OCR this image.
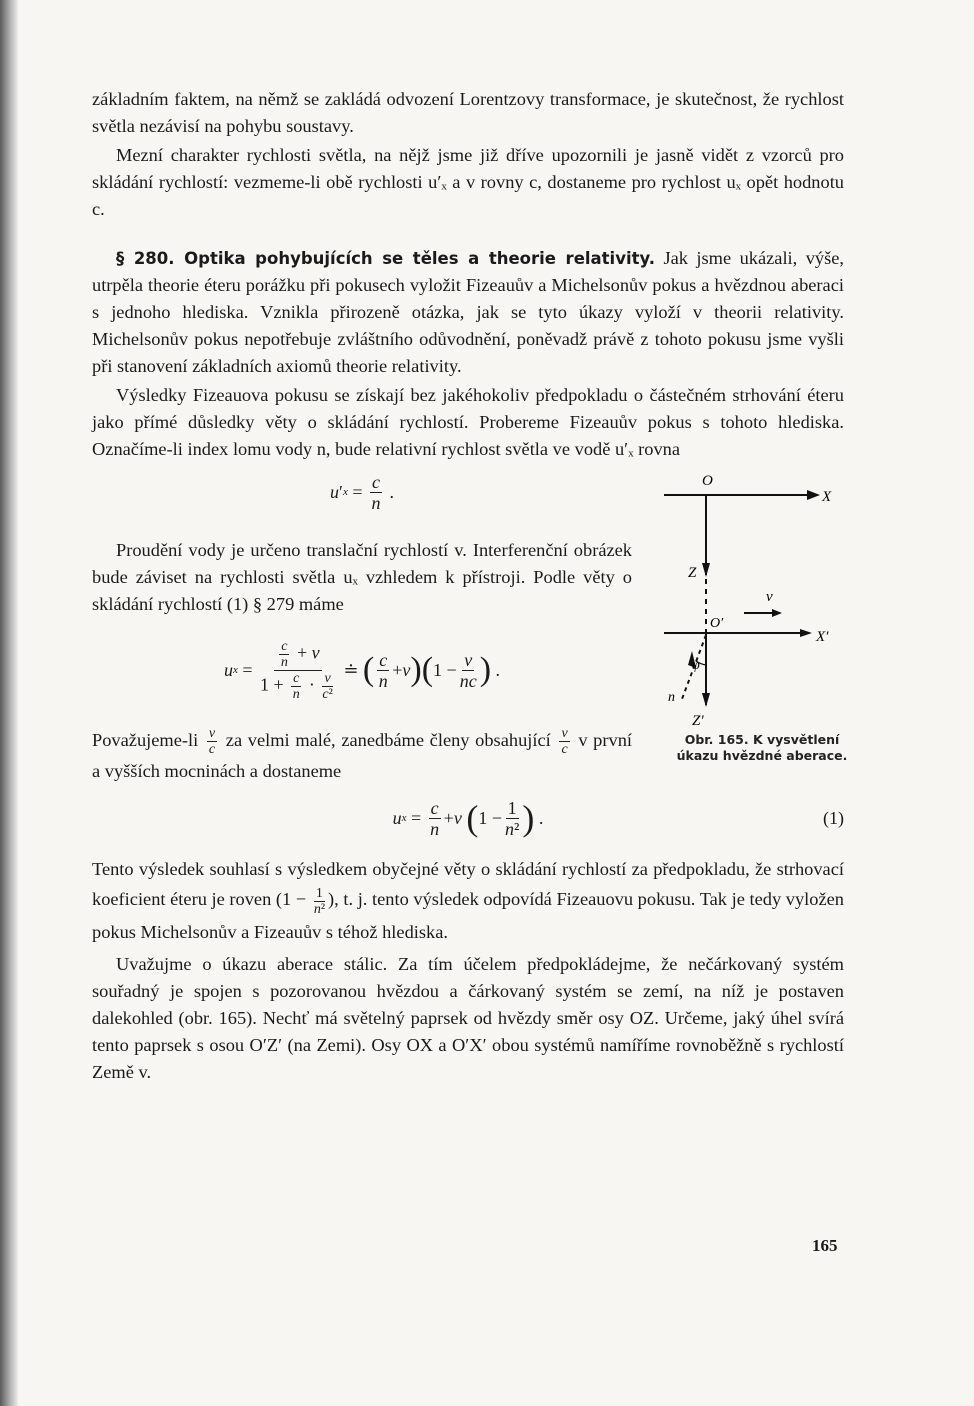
základním faktem, na němž se zakládá odvození Lorentzovy transformace, je skutečnost, že rychlost světla nezávisí na pohybu soustavy.

Mezní charakter rychlosti světla, na nějž jsme již dříve upozornili je jasně vidět z vzorců pro skládání rychlostí: vezmeme-li obě rychlosti u′ₓ a v rovny c, dostaneme pro rychlost uₓ opět hodnotu c.

§ 280. Optika pohybujících se těles a theorie relativity. Jak jsme ukázali, výše, utrpěla theorie éteru porážku při pokusech vyložit Fizeauův a Michelsonův pokus a hvězdnou aberaci s jednoho hlediska. Vznikla přirozeně otázka, jak se tyto úkazy vyloží v theorii relativity. Michelsonův pokus nepotřebuje zvláštního odůvodnění, poněvadž právě z tohoto pokusu jsme vyšli při stanovení základních axiomů theorie relativity.

Výsledky Fizeauova pokusu se získají bez jakéhokoliv předpokladu o částečném strhování éteru jako přímé důsledky věty o skládání rychlostí. Probereme Fizeauův pokus s tohoto hlediska. Označíme-li index lomu vody n, bude relativní rychlost světla ve vodě u′ₓ rovna

u ′ $x = \frac{c}{n}$ .

Proudění vody je určeno translační rychlostí v. Interferenční obrázek bude záviset na rychlosti světla uₓ vzhledem k přístroji. Podle věty o skládání rychlostí (1) § 279 máme

u $x = \frac{\frac{c}{n} + v}{1 + \frac{c}{n} \cdot \frac{v}{\text{c²}}}$ ≐ ( $\frac{c}{n} + v$ ) ( $1 - \frac{v}{nc}$ ) .

Považujeme-li $\frac{v}{c}$ za velmi malé, zanedbáme členy obsahující $\frac{v}{c}$ v první a vyšších mocninách a dostaneme

O
X
Z
v
O′
X′
Z′
φ
n
Obr. 165. K vysvětlení úkazu hvězdné aberace.
u $x = \frac{c}{n} + v$
( $1 - \frac{1}{\text{n²}}$ ) .	(1)

Tento výsledek souhlasí s výsledkem obyčejné věty o skládání rychlostí za předpokladu, že strhovací koeficient éteru je roven ($1 - \frac{1}{\text{n²}}$ ), t. j. tento výsledek odpovídá Fizeauovu pokusu. Tak je tedy vyložen pokus Michelsonův a Fizeauův s téhož hlediska.

Uvažujme o úkazu aberace stálic. Za tím účelem předpokládejme, že nečárkovaný systém souřadný je spojen s pozorovanou hvězdou a čárkovaný systém se zemí, na níž je postaven dalekohled (obr. 165). Nechť má světelný paprsek od hvězdy směr osy OZ. Určeme, jaký úhel svírá tento paprsek s osou O′Z′ (na Zemi). Osy OX a O′X′ obou systémů namíříme rovnoběžně s rychlostí Země v.

165
